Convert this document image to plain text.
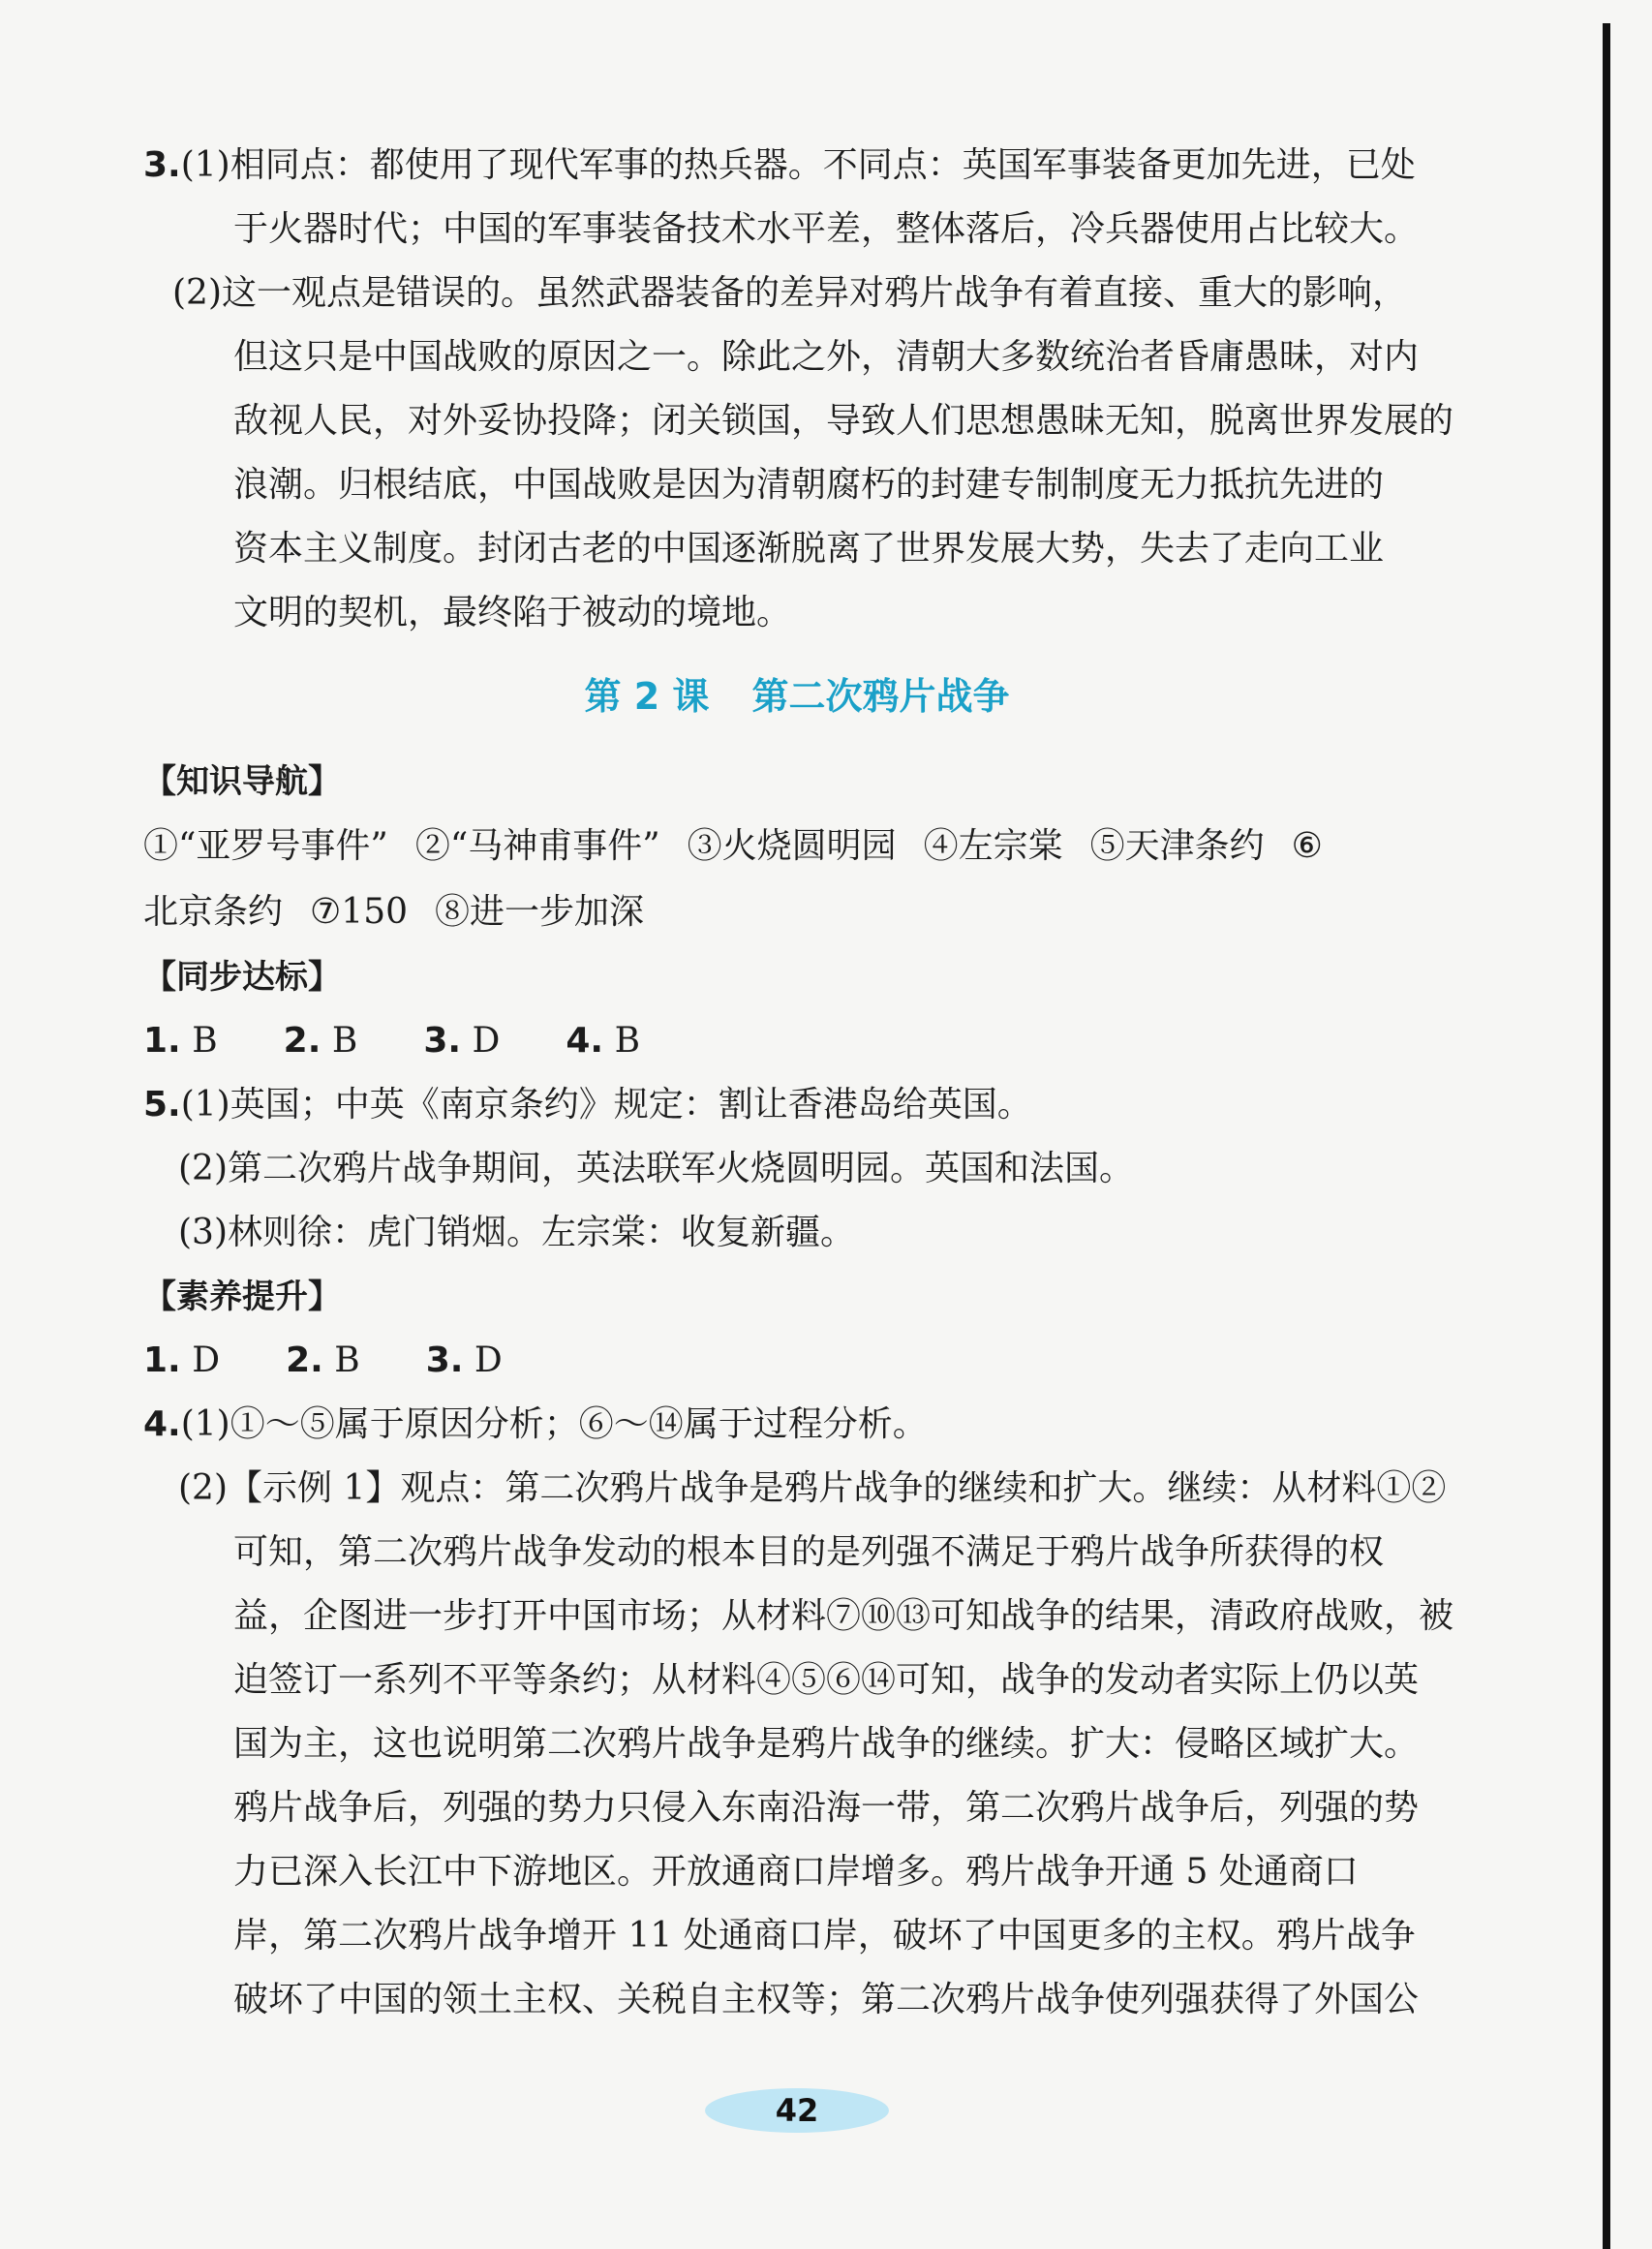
3.(1)相同点：都使用了现代军事的热兵器。不同点：英国军事装备更加先进，已处
于火器时代；中国的军事装备技术水平差，整体落后，冷兵器使用占比较大。
(2)这一观点是错误的。虽然武器装备的差异对鸦片战争有着直接、重大的影响，
但这只是中国战败的原因之一。除此之外，清朝大多数统治者昏庸愚昧，对内
敌视人民，对外妥协投降；闭关锁国，导致人们思想愚昧无知，脱离世界发展的
浪潮。归根结底，中国战败是因为清朝腐朽的封建专制制度无力抵抗先进的
资本主义制度。封闭古老的中国逐渐脱离了世界发展大势，失去了走向工业
文明的契机，最终陷于被动的境地。
第 2 课 第二次鸦片战争
【知识导航】
①“亚罗号事件” ②“马神甫事件” ③火烧圆明园 ④左宗棠 ⑤天津条约 ⑥
北京条约 ⑦150 ⑧进一步加深
【同步达标】
1. B 2. B 3. D 4. B
5.(1)英国；中英《南京条约》规定：割让香港岛给英国。
(2)第二次鸦片战争期间，英法联军火烧圆明园。英国和法国。
(3)林则徐：虎门销烟。左宗棠：收复新疆。
【素养提升】
1. D 2. B 3. D
4.(1)①～⑤属于原因分析；⑥～⑭属于过程分析。
(2)【示例 1】观点：第二次鸦片战争是鸦片战争的继续和扩大。继续：从材料①②
可知，第二次鸦片战争发动的根本目的是列强不满足于鸦片战争所获得的权
益，企图进一步打开中国市场；从材料⑦⑩⑬可知战争的结果，清政府战败，被
迫签订一系列不平等条约；从材料④⑤⑥⑭可知，战争的发动者实际上仍以英
国为主，这也说明第二次鸦片战争是鸦片战争的继续。扩大：侵略区域扩大。
鸦片战争后，列强的势力只侵入东南沿海一带，第二次鸦片战争后，列强的势
力已深入长江中下游地区。开放通商口岸增多。鸦片战争开通 5 处通商口
岸，第二次鸦片战争增开 11 处通商口岸，破坏了中国更多的主权。鸦片战争
破坏了中国的领土主权、关税自主权等；第二次鸦片战争使列强获得了外国公
42
